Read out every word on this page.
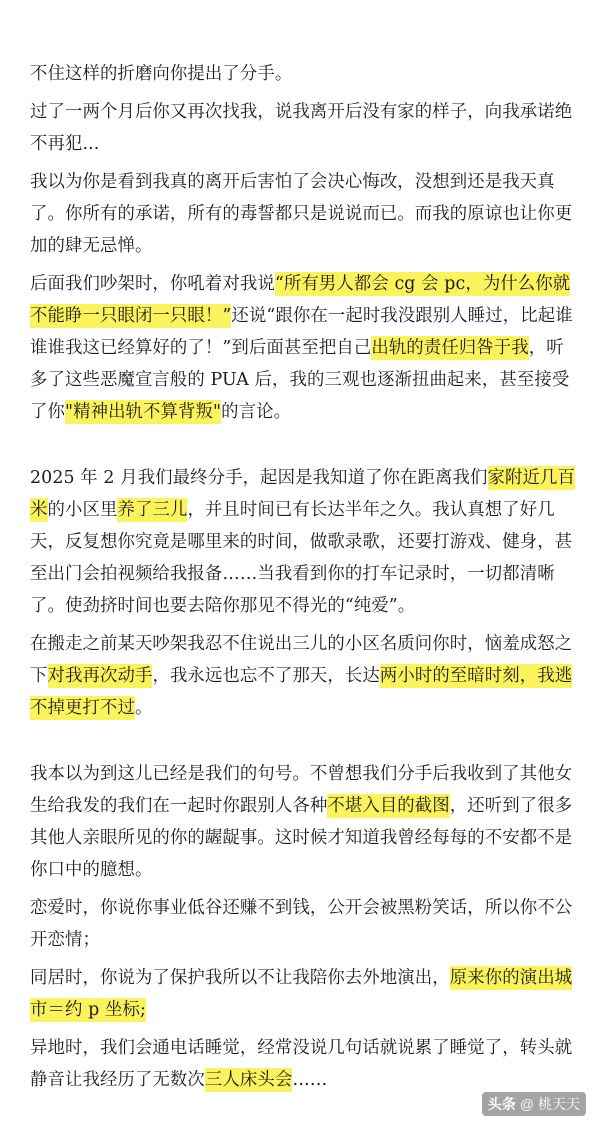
不住这样的折磨向你提出了分手。

过了一两个月后你又再次找我，说我离开后没有家的样子，向我承诺绝不再犯...

我以为你是看到我真的离开后害怕了会决心悔改，没想到还是我天真了。你所有的承诺，所有的毒誓都只是说说而已。而我的原谅也让你更加的肆无忌惮。

后面我们吵架时，你吼着对我说“所有男人都会 cg 会 pc，为什么你就不能睁一只眼闭一只眼！”还说“跟你在一起时我没跟别人睡过，比起谁谁谁我这已经算好的了！”到后面甚至把自己出轨的责任归咎于我，听多了这些恶魔宣言般的 PUA 后，我的三观也逐渐扭曲起来，甚至接受了你"精神出轨不算背叛"的言论。

2025 年 2 月我们最终分手，起因是我知道了你在距离我们家附近几百米的小区里养了三儿，并且时间已有长达半年之久。我认真想了好几天，反复想你究竟是哪里来的时间，做歌录歌，还要打游戏、健身，甚至出门会拍视频给我报备……当我看到你的打车记录时，一切都清晰了。使劲挤时间也要去陪你那见不得光的“纯爱”。

在搬走之前某天吵架我忍不住说出三儿的小区名质问你时，恼羞成怒之下对我再次动手，我永远也忘不了那天，长达两小时的至暗时刻，我逃不掉更打不过。

我本以为到这儿已经是我们的句号。不曾想我们分手后我收到了其他女生给我发的我们在一起时你跟别人各种不堪入目的截图，还听到了很多其他人亲眼所见的你的龌龊事。这时候才知道我曾经每每的不安都不是你口中的臆想。

恋爱时，你说你事业低谷还赚不到钱，公开会被黑粉笑话，所以你不公开恋情；

同居时，你说为了保护我所以不让我陪你去外地演出，原来你的演出城市＝约 p 坐标;

异地时，我们会通电话睡觉，经常没说几句话就说累了睡觉了，转头就静音让我经历了无数次三人床头会……

头条 @ 桃天天
